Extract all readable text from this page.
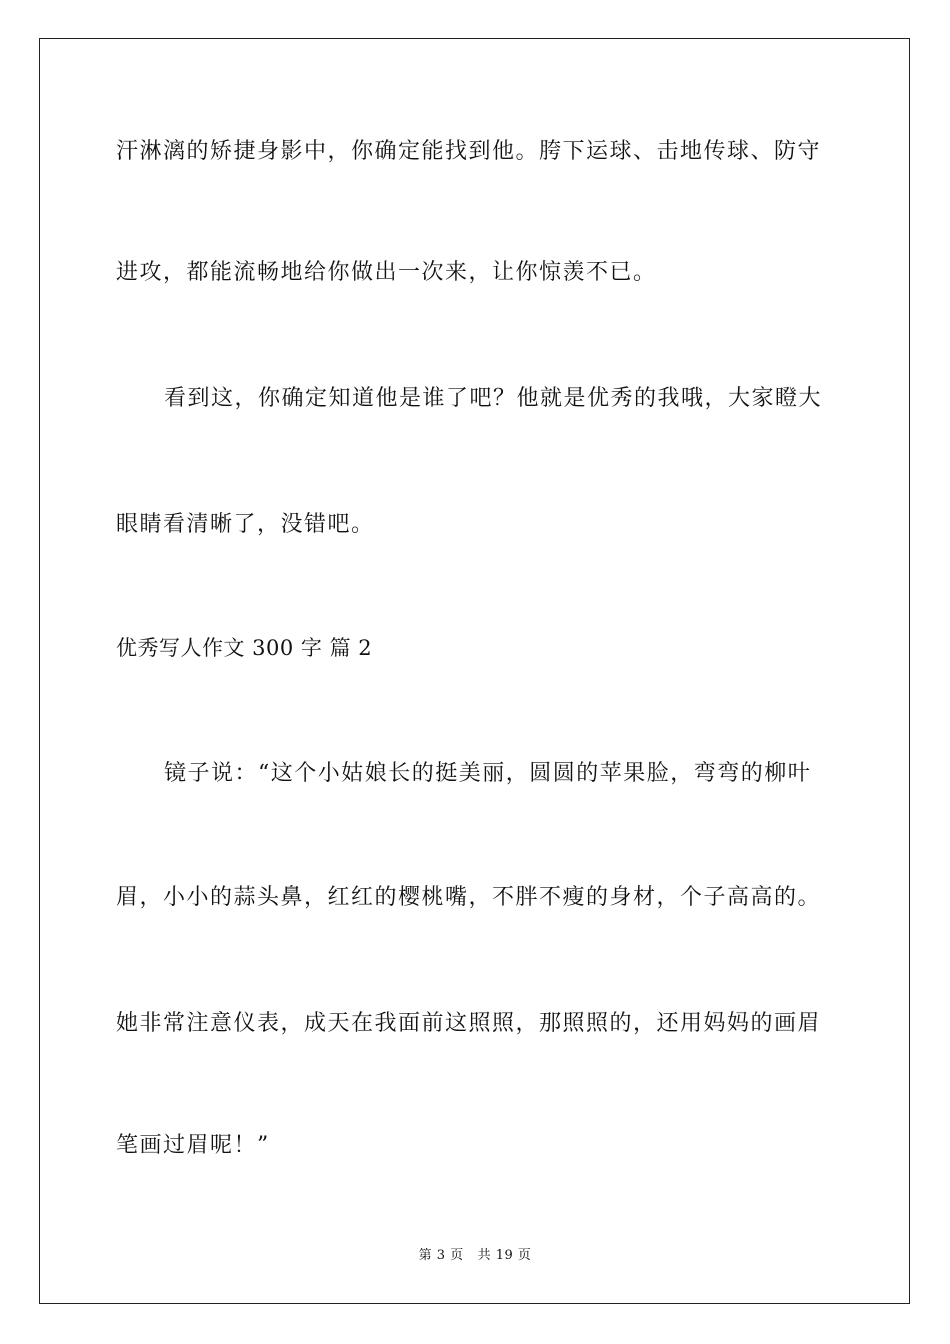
汗淋漓的矫捷身影中，你确定能找到他。胯下运球、击地传球、防守
进攻，都能流畅地给你做出一次来，让你惊羡不已。
看到这，你确定知道他是谁了吧？他就是优秀的我哦，大家瞪大
眼睛看清晰了，没错吧。
优秀写人作文 300 字 篇 2
镜子说：“这个小姑娘长的挺美丽，圆圆的苹果脸，弯弯的柳叶
眉，小小的蒜头鼻，红红的樱桃嘴，不胖不瘦的身材，个子高高的。
她非常注意仪表，成天在我面前这照照，那照照的，还用妈妈的画眉
笔画过眉呢！”
第 3 页 共 19 页
